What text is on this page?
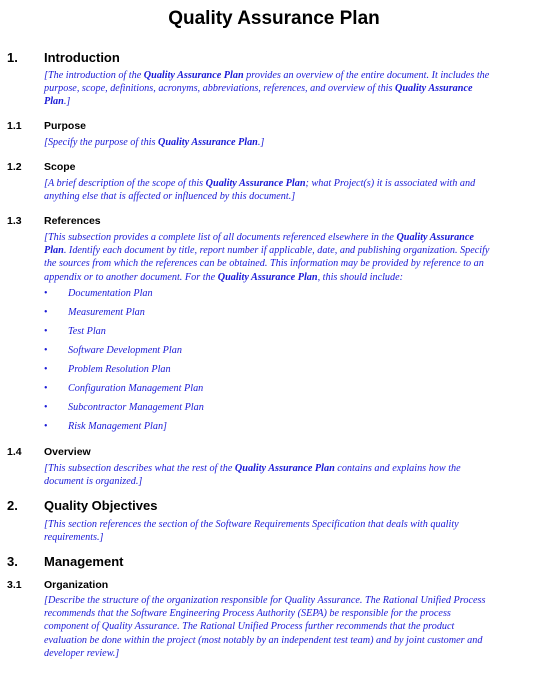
Quality Assurance Plan
1. Introduction

[The introduction of the Quality Assurance Plan provides an overview of the entire document. It includes the purpose, scope, definitions, acronyms, abbreviations, references, and overview of this Quality Assurance Plan.]

1.1 Purpose

[Specify the purpose of this Quality Assurance Plan.]

1.2 Scope

[A brief description of the scope of this Quality Assurance Plan; what Project(s) it is associated with and anything else that is affected or influenced by this document.]

1.3 References

[This subsection provides a complete list of all documents referenced elsewhere in the Quality Assurance Plan. Identify each document by title, report number if applicable, date, and publishing organization. Specify the sources from which the references can be obtained. This information may be provided by reference to an appendix or to another document. For the Quality Assurance Plan, this should include:

• Documentation Plan
• Measurement Plan
• Test Plan
• Software Development Plan
• Problem Resolution Plan
• Configuration Management Plan
• Subcontractor Management Plan
• Risk Management Plan]
1.4 Overview

[This subsection describes what the rest of the Quality Assurance Plan contains and explains how the document is organized.]

2. Quality Objectives

[This section references the section of the Software Requirements Specification that deals with quality requirements.]

3. Management
3.1 Organization

[Describe the structure of the organization responsible for Quality Assurance. The Rational Unified Process recommends that the Software Engineering Process Authority (SEPA) be responsible for the process component of Quality Assurance. The Rational Unified Process further recommends that the product evaluation be done within the project (most notably by an independent test team) and by joint customer and developer review.]
